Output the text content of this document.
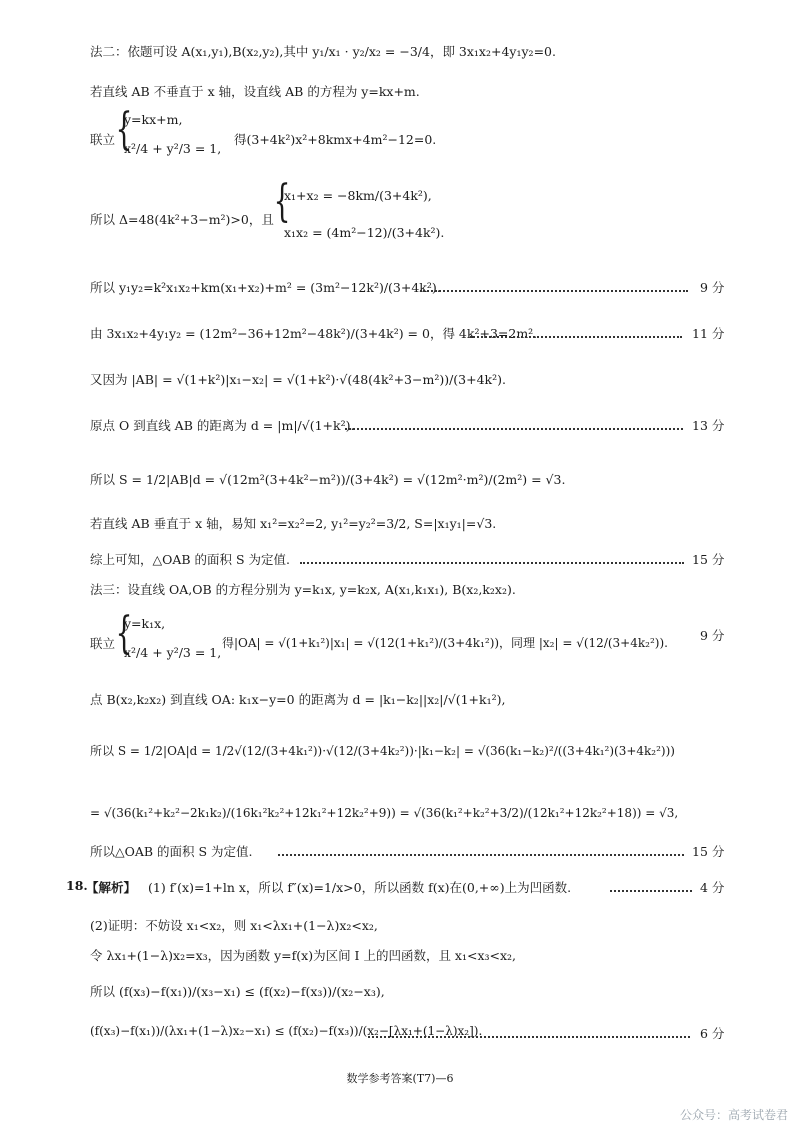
法二：依题可设 A(x₁,y₁),B(x₂,y₂),其中 y₁/x₁ · y₂/x₂ = −3/4，即 3x₁x₂+4y₁y₂=0.
若直线 AB 不垂直于 x 轴，设直线 AB 的方程为 y=kx+m.
联立 {
y=kx+m,
x²/4 + y²/3 = 1,
得(3+4k²)x²+8kmx+4m²−12=0.
所以 Δ=48(4k²+3−m²)>0，且 {
x₁+x₂ = −8km/(3+4k²),
x₁x₂ = (4m²−12)/(3+4k²).
所以 y₁y₂=k²x₁x₂+km(x₁+x₂)+m² = (3m²−12k²)/(3+4k²).	9 分
由 3x₁x₂+4y₁y₂ = (12m²−36+12m²−48k²)/(3+4k²) = 0，得 4k²+3=2m².	11 分
又因为 |AB| = √(1+k²)|x₁−x₂| = √(1+k²)·√(48(4k²+3−m²))/(3+4k²).
原点 O 到直线 AB 的距离为 d = |m|/√(1+k²).	13 分
所以 S = 1/2|AB|d = √(12m²(3+4k²−m²))/(3+4k²) = √(12m²·m²)/(2m²) = √3.
若直线 AB 垂直于 x 轴，易知 x₁²=x₂²=2, y₁²=y₂²=3/2, S=|x₁y₁|=√3.
综上可知，△OAB 的面积 S 为定值.	15 分
法三：设直线 OA,OB 的方程分别为 y=k₁x, y=k₂x, A(x₁,k₁x₁), B(x₂,k₂x₂).
联立 {
y=k₁x,
x²/4 + y²/3 = 1,
得|OA| = √(1+k₁²)|x₁| = √(12(1+k₁²)/(3+4k₁²))，同理 |x₂| = √(12/(3+4k₂²)).	9 分
点 B(x₂,k₂x₂) 到直线 OA: k₁x−y=0 的距离为 d = |k₁−k₂||x₂|/√(1+k₁²),
所以 S = 1/2|OA|d = 1/2√(12/(3+4k₁²))·√(12/(3+4k₂²))·|k₁−k₂| = √(36(k₁−k₂)²/((3+4k₁²)(3+4k₂²)))
= √(36(k₁²+k₂²−2k₁k₂)/(16k₁²k₂²+12k₁²+12k₂²+9)) = √(36(k₁²+k₂²+3/2)/(12k₁²+12k₂²+18)) = √3,
所以△OAB 的面积 S 为定值.	15 分
18.
【解析】 (1) f′(x)=1+ln x，所以 f″(x)=1/x>0，所以函数 f(x)在(0,+∞)上为凹函数.	4 分
(2)证明：不妨设 x₁<x₂，则 x₁<λx₁+(1−λ)x₂<x₂,
令 λx₁+(1−λ)x₂=x₃，因为函数 y=f(x)为区间 I 上的凹函数，且 x₁<x₃<x₂,
所以 (f(x₃)−f(x₁))/(x₃−x₁) ≤ (f(x₂)−f(x₃))/(x₂−x₃),
(f(x₃)−f(x₁))/(λx₁+(1−λ)x₂−x₁) ≤ (f(x₂)−f(x₃))/(x₂−[λx₁+(1−λ)x₂]).	6 分
数学参考答案(T7)—6
公众号：高考试卷君
